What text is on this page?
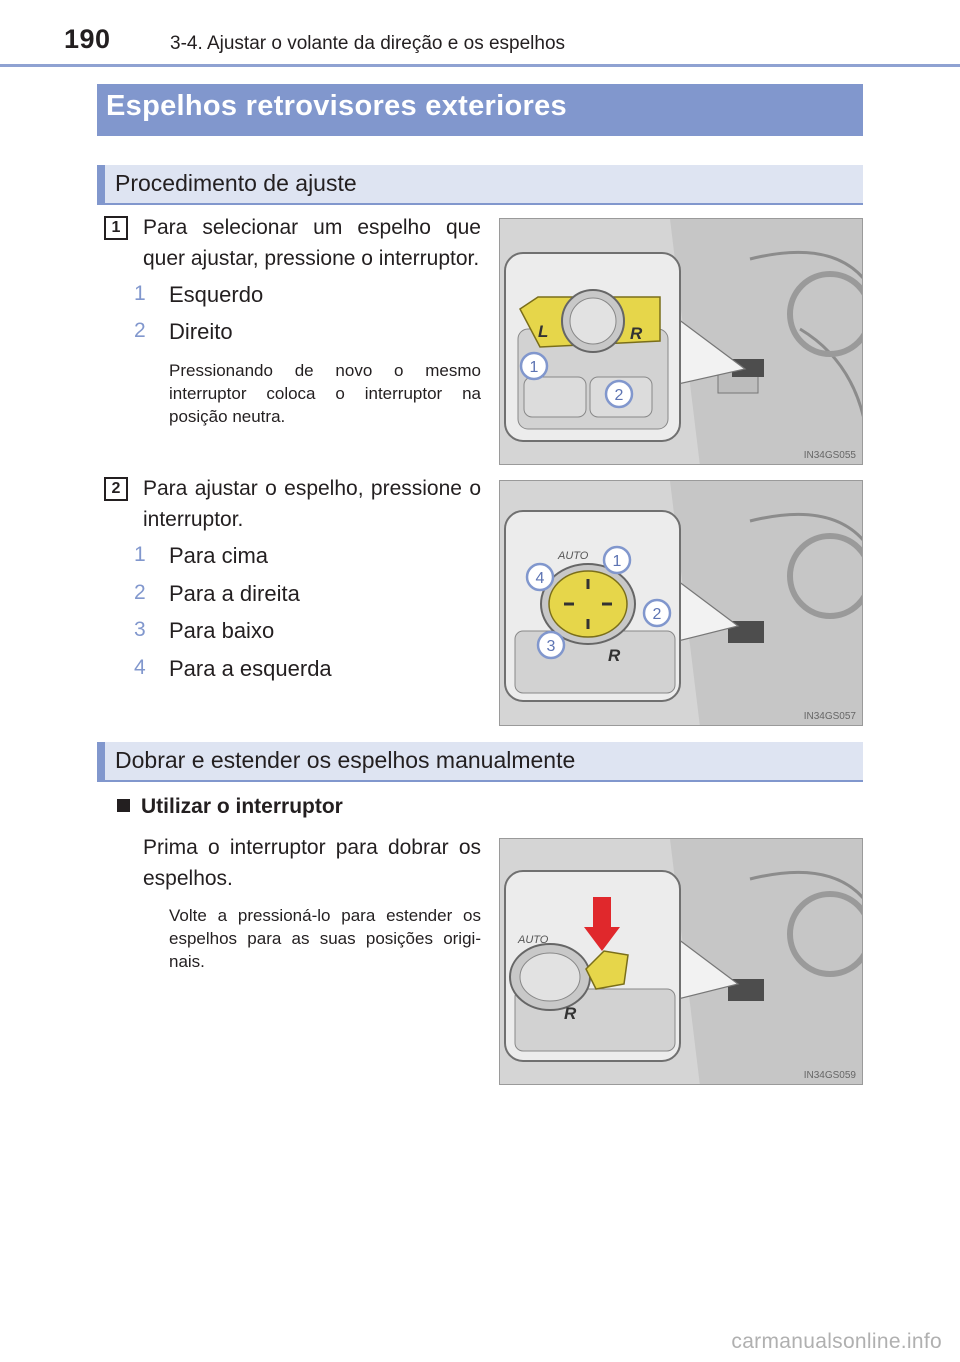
190	3-4. Ajustar o volante da direção e os espelhos
Espelhos retrovisores exteriores
Procedimento de ajuste
1	Para selecionar um espelho que quer ajustar, pressione o interruptor.
1 Esquerdo
2 Direito
Pressionando de novo o mesmo interruptor coloca o interruptor na posição neutra.
L	R
1
2
IN34GS055
2	Para ajustar o espelho, pressione o interruptor.
1 Para cima
2 Para a direita
3 Para baixo
4 Para a esquerda
AUTO
R
1
2
3
4
IN34GS057
Dobrar e estender os espelhos manualmente
Utilizar o interruptor
Prima o interruptor para dobrar os espelhos.
Volte a pressioná-lo para estender os espelhos para as suas posições originais.
AUTO
R
IN34GS059
carmanualsonline.info
